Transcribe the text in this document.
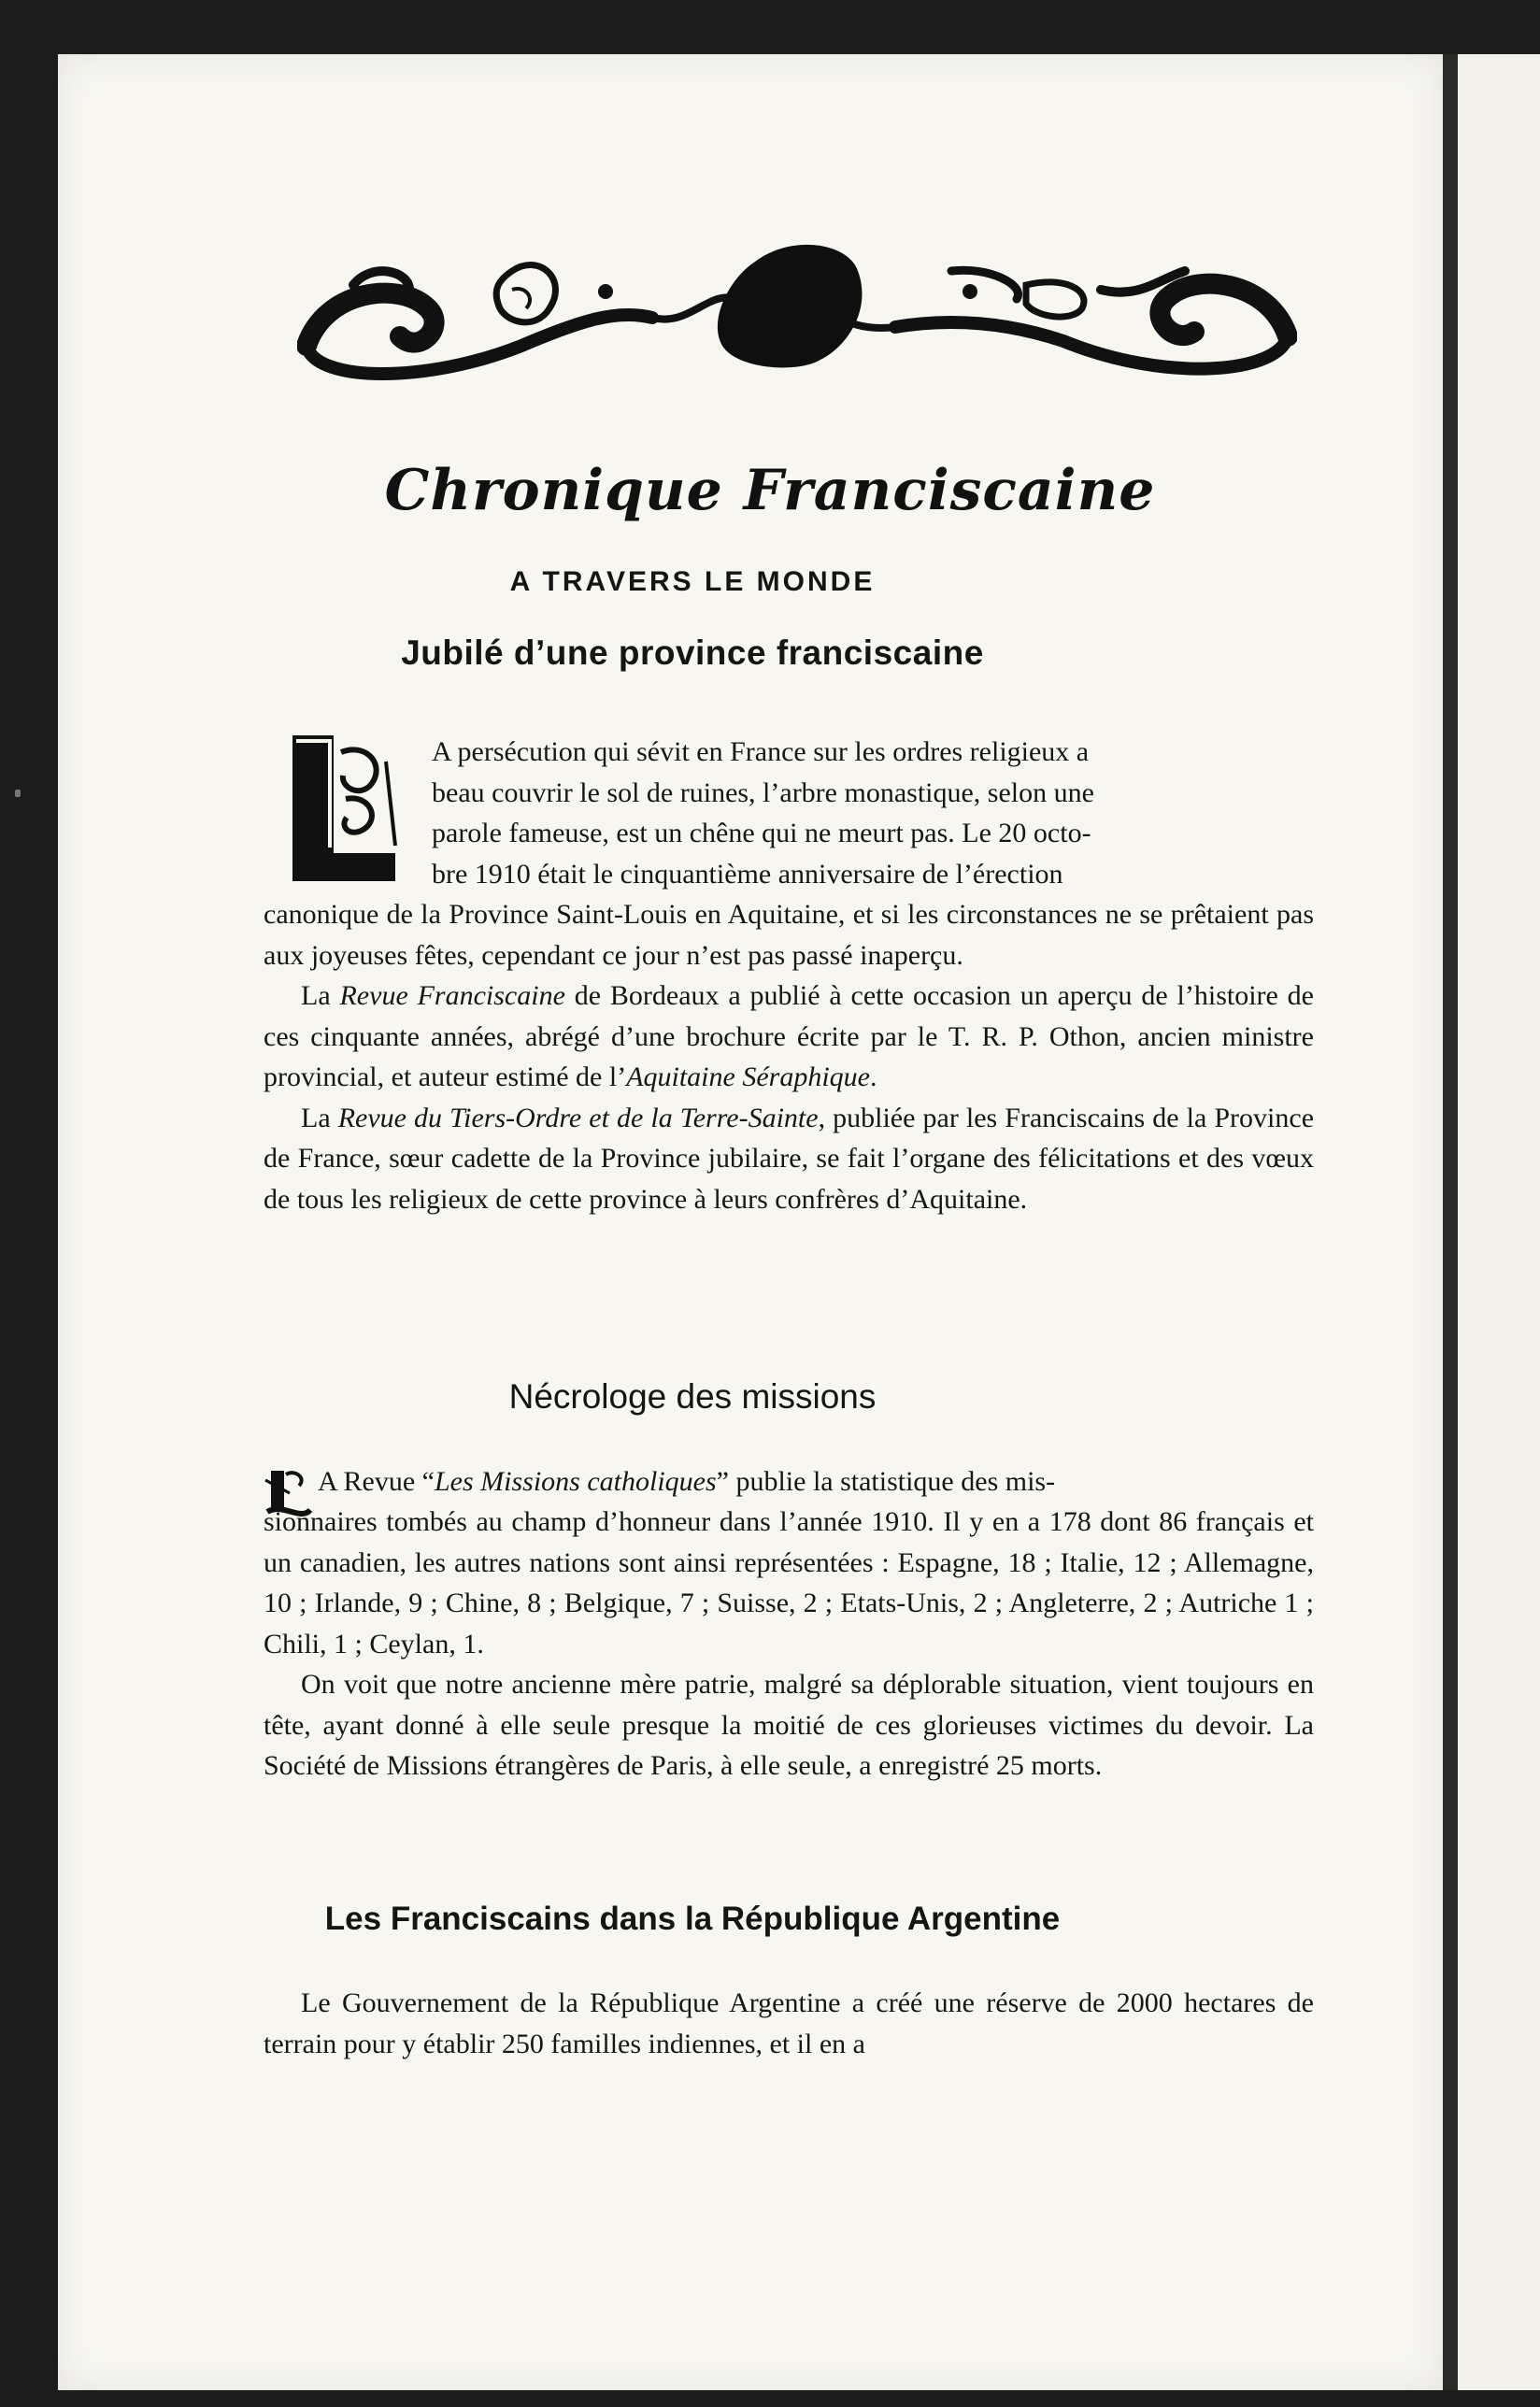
Chronique Franciscaine
A TRAVERS LE MONDE
Jubilé d’une province franciscaine

A persécution qui sévit en France sur les ordres religieux a

beau couvrir le sol de ruines, l’arbre monastique, selon une

parole fameuse, est un chêne qui ne meurt pas. Le 20 octo-

bre 1910 était le cinquantième anniversaire de l’érection

canonique de la Province Saint-Louis en Aquitaine, et si les circonstances ne se prêtaient pas aux joyeuses fêtes, cependant ce jour n’est pas passé inaperçu.

La Revue Franciscaine de Bordeaux a publié à cette occasion un aperçu de l’histoire de ces cinquante années, abrégé d’une brochure écrite par le T. R. P. Othon, ancien ministre provincial, et auteur estimé de l’Aquitaine Séraphique.

La Revue du Tiers-Ordre et de la Terre-Sainte, publiée par les Franciscains de la Province de France, sœur cadette de la Province jubilaire, se fait l’organe des félicitations et des vœux de tous les religieux de cette province à leurs confrères d’Aquitaine.

Nécrologe des missions
A Revue “Les Missions catholiques” publie la statistique des mis-

sionnaires tombés au champ d’honneur dans l’année 1910. Il y en a 178 dont 86 français et un canadien, les autres nations sont ainsi représentées : Espagne, 18 ; Italie, 12 ; Allemagne, 10 ; Irlande, 9 ; Chine, 8 ; Belgique, 7 ; Suisse, 2 ; Etats-Unis, 2 ; Angleterre, 2 ; Autriche 1 ; Chili, 1 ; Ceylan, 1.

On voit que notre ancienne mère patrie, malgré sa déplorable situation, vient toujours en tête, ayant donné à elle seule presque la moitié de ces glorieuses victimes du devoir. La Société de Missions étrangères de Paris, à elle seule, a enregistré 25 morts.

Les Franciscains dans la République Argentine

Le Gouvernement de la République Argentine a créé une réserve de 2000 hectares de terrain pour y établir 250 familles indiennes, et il en a
